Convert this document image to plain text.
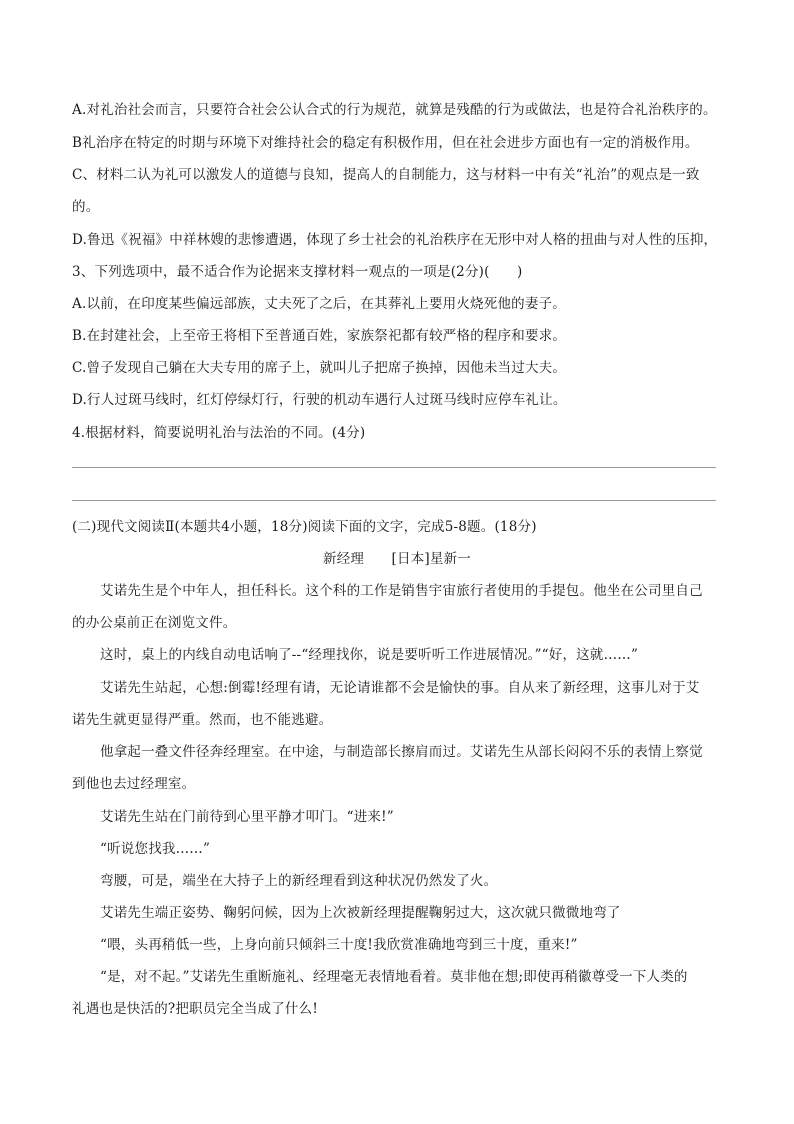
A.对礼治社会而言，只要符合社会公认合式的行为规范，就算是残酷的行为或做法，也是符合礼治秩序的。
B礼治序在特定的时期与环境下对维持社会的稳定有积极作用，但在社会进步方面也有一定的消极作用。
C、材料二认为礼可以激发人的道德与良知，提高人的自制能力，这与材料一中有关“礼治”的观点是一致
的。
D.鲁迅《祝福》中祥林嫂的悲惨遭遇，体现了乡士社会的礼治秩序在无形中对人格的扭曲与对人性的压抑，
3、下列选项中，最不适合作为论据来支撑材料一观点的一项是(2分)(　　)
A.以前，在印度某些偏远部族，丈夫死了之后，在其葬礼上要用火烧死他的妻子。
B.在封建社会，上至帝王将相下至普通百姓，家族祭祀都有较严格的程序和要求。
C.曾子发现自己躺在大夫专用的席子上，就叫儿子把席子换掉，因他未当过大夫。
D.行人过斑马线时，红灯停绿灯行，行驶的机动车遇行人过斑马线时应停车礼让。
4.根据材料，简要说明礼治与法治的不同。(4分)
(二)现代文阅读Ⅱ(本题共4小题，18分)阅读下面的文字，完成5-8题。(18分)
新经理　　[日本]星新一
艾诺先生是个中年人，担任科长。这个科的工作是销售宇宙旅行者使用的手提包。他坐在公司里自己
的办公桌前正在浏览文件。
这时，桌上的内线自动电话响了--“经理找你，说是要听听工作进展情况。”“好，这就……”
艾诺先生站起，心想:倒霉!经理有请，无论请谁都不会是愉快的事。自从来了新经理，这事儿对于艾
诺先生就更显得严重。然而，也不能逃避。
他拿起一叠文件径奔经理室。在中途，与制造部长擦肩而过。艾诺先生从部长闷闷不乐的表情上察觉
到他也去过经理室。
艾诺先生站在门前待到心里平静才叩门。“进来!”
“听说您找我……”
弯腰，可是，端坐在大持子上的新经理看到这种状况仍然发了火。
艾诺先生端正姿势、鞠躬问候，因为上次被新经理提醒鞠躬过大，这次就只微微地弯了
“喂，头再稍低一些，上身向前只倾斜三十度!我欣赏准确地弯到三十度，重来!”
“是，对不起。”艾诺先生重断施礼、经理毫无表情地看着。莫非他在想;即使再稍徽尊受一下人类的
礼遇也是快活的?把职员完全当成了什么!
